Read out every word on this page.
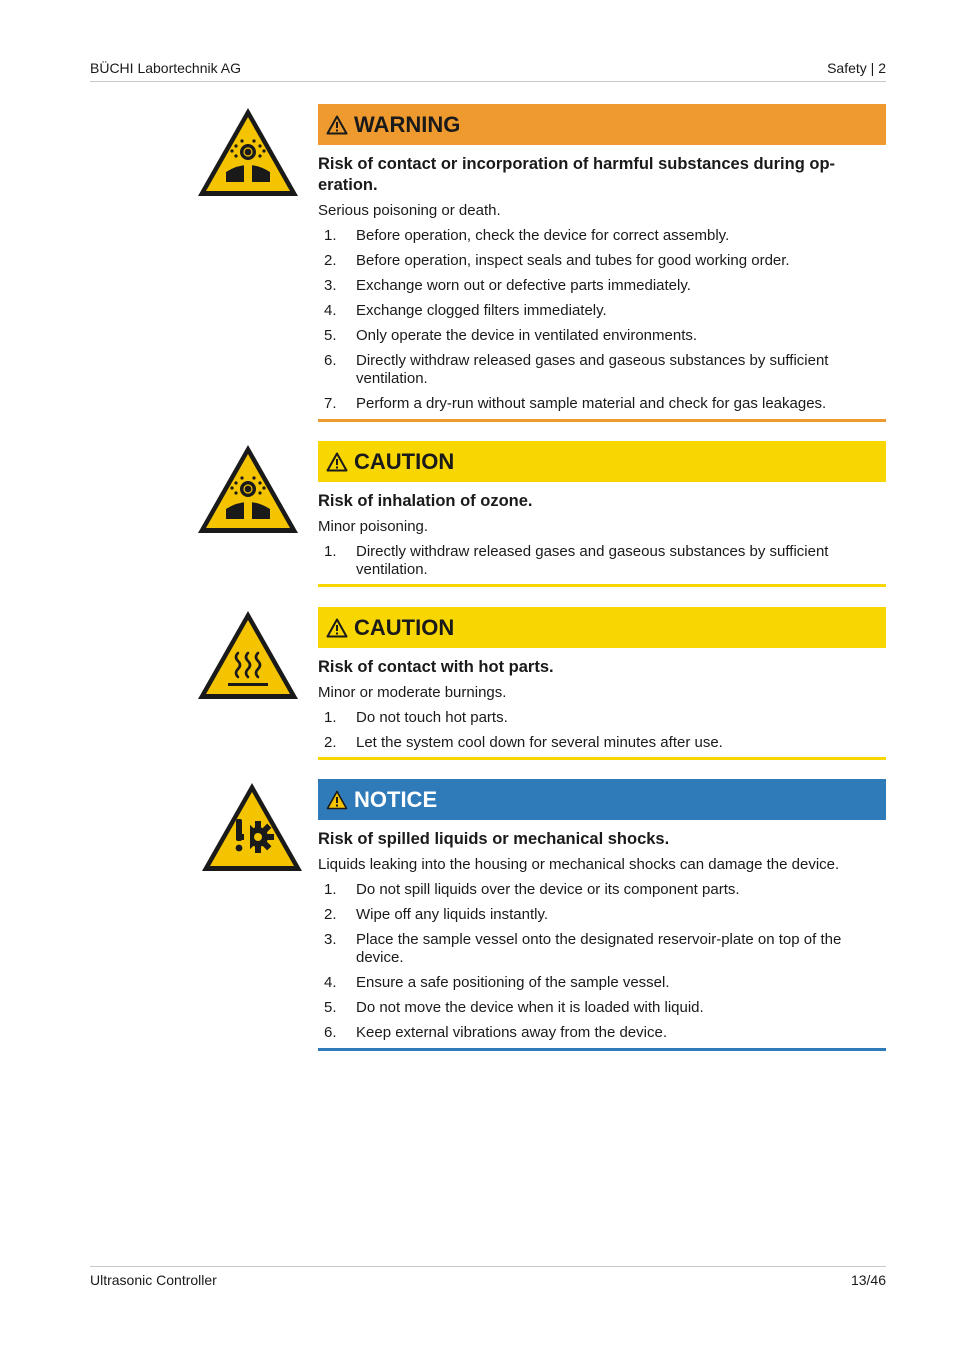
BÜCHI Labortechnik AG	Safety | 2
WARNING
Risk of contact or incorporation of harmful substances during op-
eration.
Serious poisoning or death.
1. Before operation, check the device for correct assembly.
2. Before operation, inspect seals and tubes for good working order.
3. Exchange worn out or defective parts immediately.
4. Exchange clogged filters immediately.
5. Only operate the device in ventilated environments.
6. Directly withdraw released gases and gaseous substances by sufficient ventilation.
7. Perform a dry-run without sample material and check for gas leakages.
CAUTION
Risk of inhalation of ozone.
Minor poisoning.
1. Directly withdraw released gases and gaseous substances by sufficient ventilation.
CAUTION
Risk of contact with hot parts.
Minor or moderate burnings.
1. Do not touch hot parts.
2. Let the system cool down for several minutes after use.
NOTICE
Risk of spilled liquids or mechanical shocks.
Liquids leaking into the housing or mechanical shocks can damage the device.
1. Do not spill liquids over the device or its component parts.
2. Wipe off any liquids instantly.
3. Place the sample vessel onto the designated reservoir-plate on top of the device.
4. Ensure a safe positioning of the sample vessel.
5. Do not move the device when it is loaded with liquid.
6. Keep external vibrations away from the device.
Ultrasonic Controller	13/46
